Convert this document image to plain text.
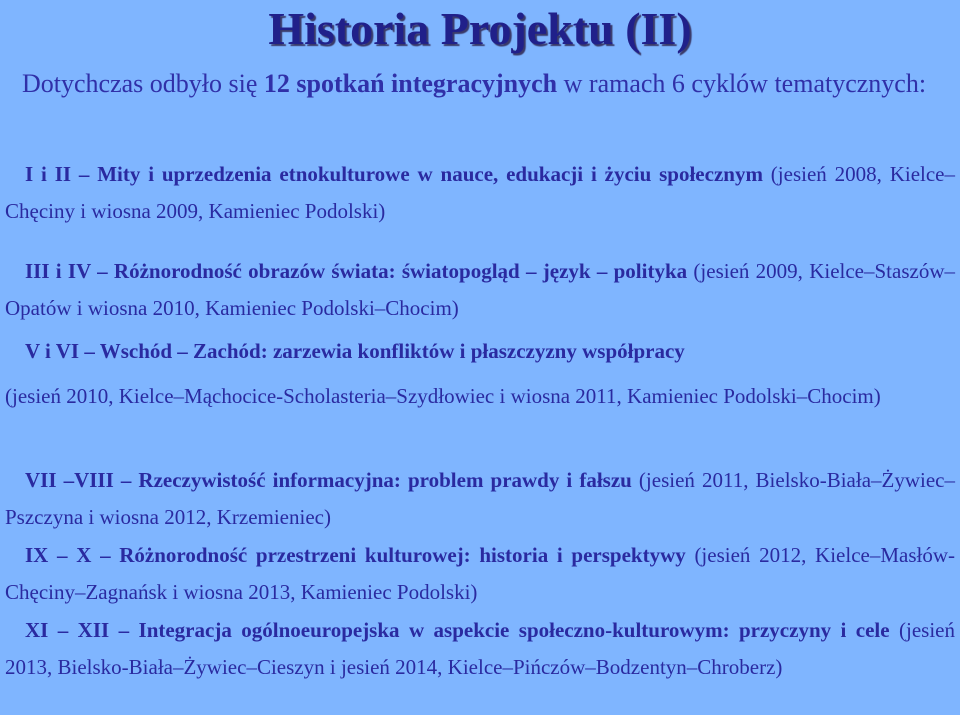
Historia Projektu (II)
Dotychczas odbyło się 12 spotkań integracyjnych w ramach 6 cyklów tematycznych:
I i II – Mity i uprzedzenia etnokulturowe w nauce, edukacji i życiu społecznym (jesień 2008, Kielce–Chęciny i wiosna 2009, Kamieniec Podolski)
III i IV – Różnorodność obrazów świata: światopogląd – język – polityka (jesień 2009, Kielce–Staszów–Opatów i wiosna 2010, Kamieniec Podolski–Chocim)
V i VI – Wschód – Zachód: zarzewia konfliktów i płaszczyzny współpracy
(jesień 2010, Kielce–Mąchocice-Scholasteria–Szydłowiec i wiosna 2011, Kamieniec Podolski–Chocim)
VII –VIII – Rzeczywistość informacyjna: problem prawdy i fałszu (jesień 2011, Bielsko-Biała–Żywiec–Pszczyna i wiosna 2012, Krzemieniec)
IX – X – Różnorodność przestrzeni kulturowej: historia i perspektywy (jesień 2012, Kielce–Masłów-Chęciny–Zagnańsk i wiosna 2013, Kamieniec Podolski)
XI – XII – Integracja ogólnoeuropejska w aspekcie społeczno-kulturowym: przyczyny i cele (jesień 2013, Bielsko-Biała–Żywiec–Cieszyn i jesień 2014, Kielce–Pińczów–Bodzentyn–Chroberz)
